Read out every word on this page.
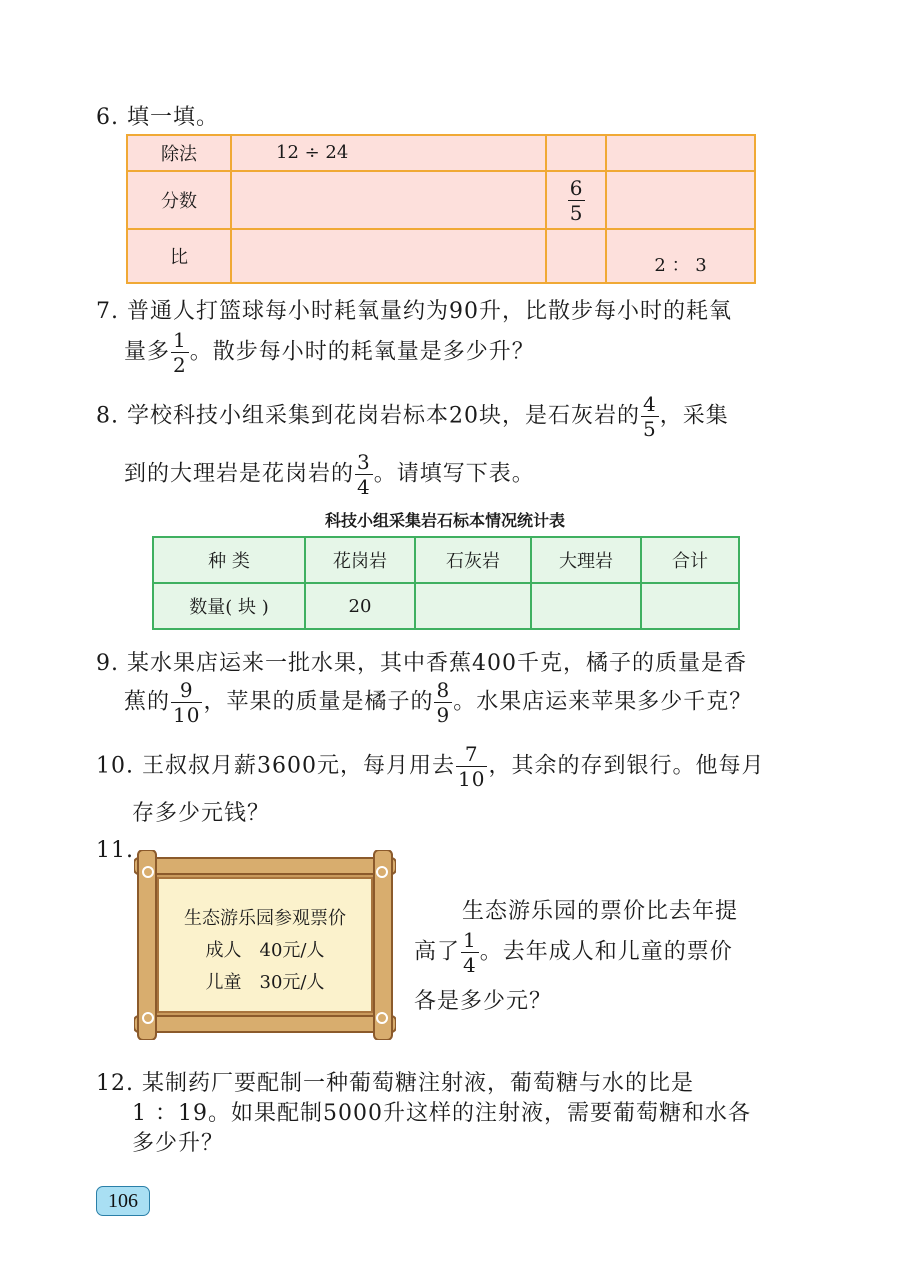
6. 填一填。
除法	12 ÷ 24		
分数		$\frac{6}{5}$

比			2 ： 3
7. 普通人打篮球每小时耗氧量约为90升，比散步每小时的耗氧
量多 $\frac{1}{2}$ 。散步每小时的耗氧量是多少升？
8. 学校科技小组采集到花岗岩标本20块，是石灰岩的 $\frac{4}{5}$ ，采集
到的大理岩是花岗岩的 $\frac{3}{4}$ 。请填写下表。
科技小组采集岩石标本情况统计表
种 类	花岗岩	石灰岩	大理岩	合计
数量( 块 )	20			
9. 某水果店运来一批水果，其中香蕉400千克，橘子的质量是香
蕉的 $\frac{9}{10}$ ，苹果的质量是橘子的 $\frac{8}{9}$ 。水果店运来苹果多少千克？
10. 王叔叔月薪3600元，每月用去 $\frac{7}{10}$ ，其余的存到银行。他每月
存多少元钱？
11.
生态游乐园参观票价
成人　40元/人
儿童　30元/人
生态游乐园的票价比去年提
高了 $\frac{1}{4}$ 。去年成人和儿童的票价
各是多少元？
12. 某制药厂要配制一种葡萄糖注射液，葡萄糖与水的比是
1 ：19。如果配制5000升这样的注射液，需要葡萄糖和水各
多少升？
106
